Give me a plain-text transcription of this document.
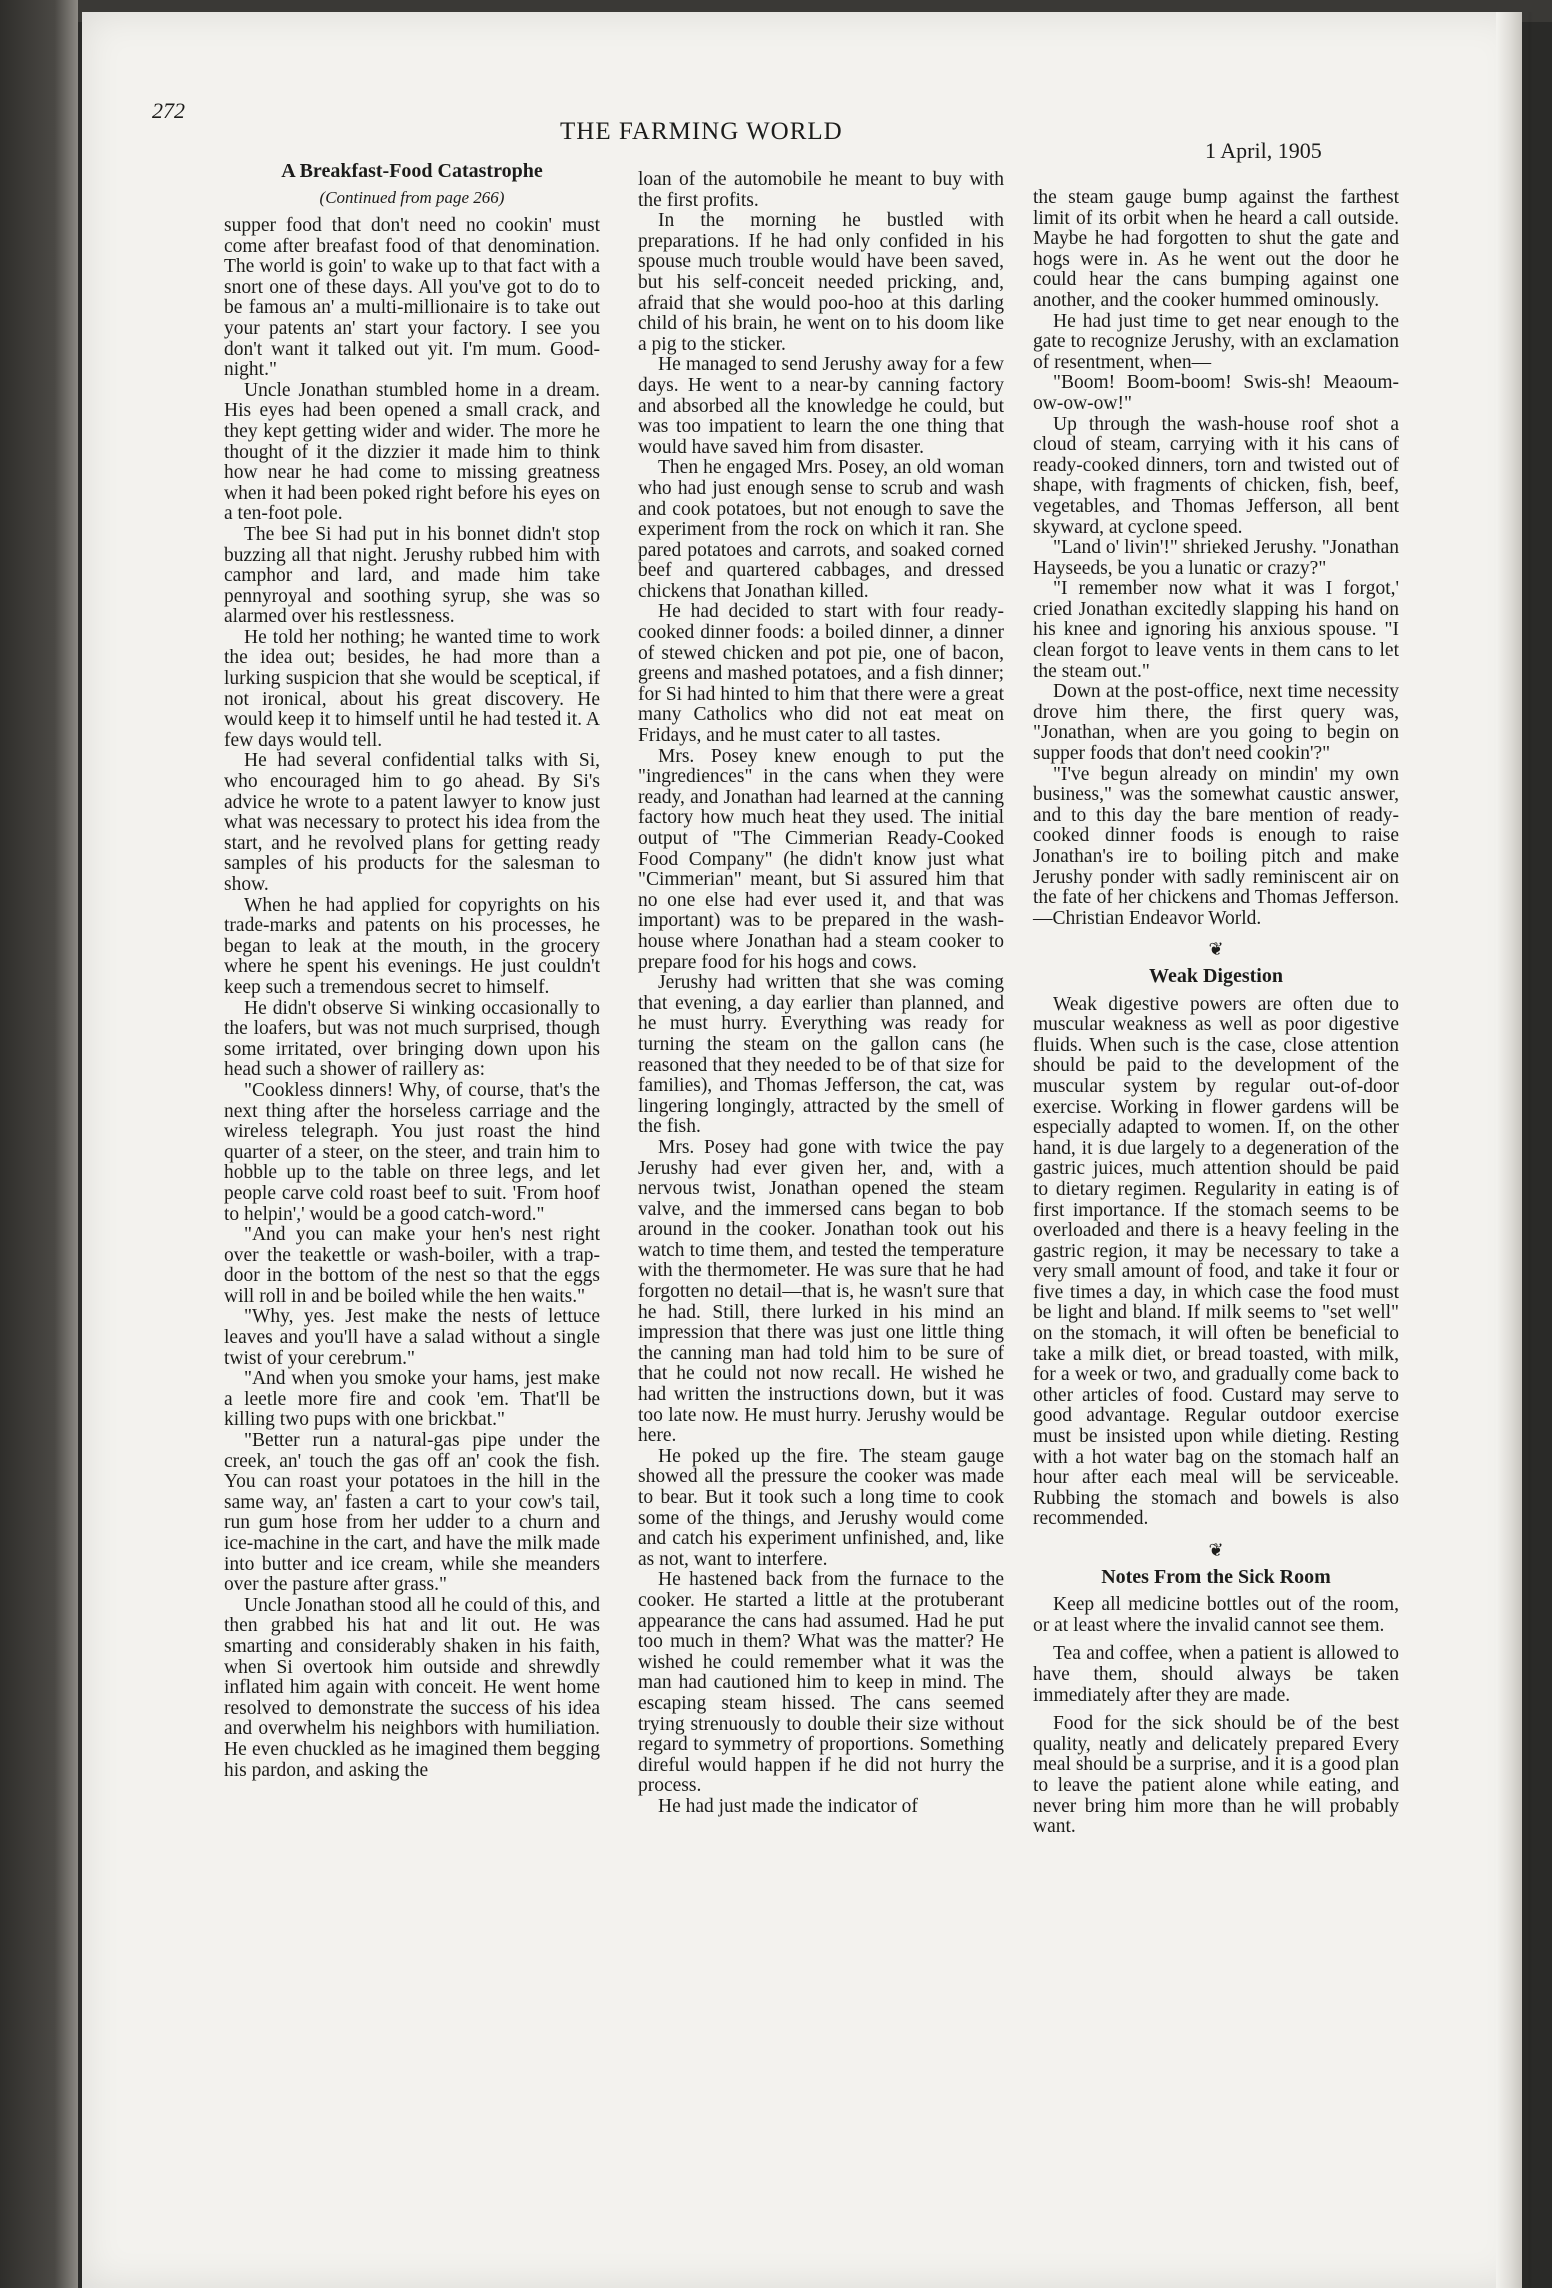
272
THE FARMING WORLD
1 April, 1905
A Breakfast-Food Catastrophe
(Continued from page 266)

supper food that don't need no cookin' must come after breafast food of that denomination. The world is goin' to wake up to that fact with a snort one of these days. All you've got to do to be famous an' a multi-millionaire is to take out your patents an' start your factory. I see you don't want it talked out yit. I'm mum. Good-night."

Uncle Jonathan stumbled home in a dream. His eyes had been opened a small crack, and they kept getting wider and wider. The more he thought of it the dizzier it made him to think how near he had come to missing greatness when it had been poked right before his eyes on a ten-foot pole.

The bee Si had put in his bonnet didn't stop buzzing all that night. Jerushy rubbed him with camphor and lard, and made him take pennyroyal and soothing syrup, she was so alarmed over his restlessness.

He told her nothing; he wanted time to work the idea out; besides, he had more than a lurking suspicion that she would be sceptical, if not ironical, about his great discovery. He would keep it to himself until he had tested it. A few days would tell.

He had several confidential talks with Si, who encouraged him to go ahead. By Si's advice he wrote to a patent lawyer to know just what was necessary to protect his idea from the start, and he revolved plans for getting ready samples of his products for the salesman to show.

When he had applied for copyrights on his trade-marks and patents on his processes, he began to leak at the mouth, in the grocery where he spent his evenings. He just couldn't keep such a tremendous secret to himself.

He didn't observe Si winking occasionally to the loafers, but was not much surprised, though some irritated, over bringing down upon his head such a shower of raillery as:

"Cookless dinners! Why, of course, that's the next thing after the horseless carriage and the wireless telegraph. You just roast the hind quarter of a steer, on the steer, and train him to hobble up to the table on three legs, and let people carve cold roast beef to suit. 'From hoof to helpin',' would be a good catch-word."

"And you can make your hen's nest right over the teakettle or wash-boiler, with a trap-door in the bottom of the nest so that the eggs will roll in and be boiled while the hen waits."

"Why, yes. Jest make the nests of lettuce leaves and you'll have a salad without a single twist of your cerebrum."

"And when you smoke your hams, jest make a leetle more fire and cook 'em. That'll be killing two pups with one brickbat."

"Better run a natural-gas pipe under the creek, an' touch the gas off an' cook the fish. You can roast your potatoes in the hill in the same way, an' fasten a cart to your cow's tail, run gum hose from her udder to a churn and ice-machine in the cart, and have the milk made into butter and ice cream, while she meanders over the pasture after grass."

Uncle Jonathan stood all he could of this, and then grabbed his hat and lit out. He was smarting and considerably shaken in his faith, when Si overtook him outside and shrewdly inflated him again with conceit. He went home resolved to demonstrate the success of his idea and overwhelm his neighbors with humiliation. He even chuckled as he imagined them begging his pardon, and asking the

loan of the automobile he meant to buy with the first profits.

In the morning he bustled with preparations. If he had only confided in his spouse much trouble would have been saved, but his self-conceit needed pricking, and, afraid that she would poo-hoo at this darling child of his brain, he went on to his doom like a pig to the sticker.

He managed to send Jerushy away for a few days. He went to a near-by canning factory and absorbed all the knowledge he could, but was too impatient to learn the one thing that would have saved him from disaster.

Then he engaged Mrs. Posey, an old woman who had just enough sense to scrub and wash and cook potatoes, but not enough to save the experiment from the rock on which it ran. She pared potatoes and carrots, and soaked corned beef and quartered cabbages, and dressed chickens that Jonathan killed.

He had decided to start with four ready-cooked dinner foods: a boiled dinner, a dinner of stewed chicken and pot pie, one of bacon, greens and mashed potatoes, and a fish dinner; for Si had hinted to him that there were a great many Catholics who did not eat meat on Fridays, and he must cater to all tastes.

Mrs. Posey knew enough to put the "ingrediences" in the cans when they were ready, and Jonathan had learned at the canning factory how much heat they used. The initial output of "The Cimmerian Ready-Cooked Food Company" (he didn't know just what "Cimmerian" meant, but Si assured him that no one else had ever used it, and that was important) was to be prepared in the wash-house where Jonathan had a steam cooker to prepare food for his hogs and cows.

Jerushy had written that she was coming that evening, a day earlier than planned, and he must hurry. Everything was ready for turning the steam on the gallon cans (he reasoned that they needed to be of that size for families), and Thomas Jefferson, the cat, was lingering longingly, attracted by the smell of the fish.

Mrs. Posey had gone with twice the pay Jerushy had ever given her, and, with a nervous twist, Jonathan opened the steam valve, and the immersed cans began to bob around in the cooker. Jonathan took out his watch to time them, and tested the temperature with the thermometer. He was sure that he had forgotten no detail—that is, he wasn't sure that he had. Still, there lurked in his mind an impression that there was just one little thing the canning man had told him to be sure of that he could not now recall. He wished he had written the instructions down, but it was too late now. He must hurry. Jerushy would be here.

He poked up the fire. The steam gauge showed all the pressure the cooker was made to bear. But it took such a long time to cook some of the things, and Jerushy would come and catch his experiment unfinished, and, like as not, want to interfere.

He hastened back from the furnace to the cooker. He started a little at the protuberant appearance the cans had assumed. Had he put too much in them? What was the matter? He wished he could remember what it was the man had cautioned him to keep in mind. The escaping steam hissed. The cans seemed trying strenuously to double their size without regard to symmetry of proportions. Something direful would happen if he did not hurry the process.

He had just made the indicator of

the steam gauge bump against the farthest limit of its orbit when he heard a call outside. Maybe he had forgotten to shut the gate and hogs were in. As he went out the door he could hear the cans bumping against one another, and the cooker hummed ominously.

He had just time to get near enough to the gate to recognize Jerushy, with an exclamation of resentment, when—

"Boom! Boom-boom! Swis-sh! Meaoum-ow-ow-ow!"

Up through the wash-house roof shot a cloud of steam, carrying with it his cans of ready-cooked dinners, torn and twisted out of shape, with fragments of chicken, fish, beef, vegetables, and Thomas Jefferson, all bent skyward, at cyclone speed.

"Land o' livin'!" shrieked Jerushy. "Jonathan Hayseeds, be you a lunatic or crazy?"

"I remember now what it was I forgot,' cried Jonathan excitedly slapping his hand on his knee and ignoring his anxious spouse. "I clean forgot to leave vents in them cans to let the steam out."

Down at the post-office, next time necessity drove him there, the first query was, "Jonathan, when are you going to begin on supper foods that don't need cookin'?"

"I've begun already on mindin' my own business," was the somewhat caustic answer, and to this day the bare mention of ready-cooked dinner foods is enough to raise Jonathan's ire to boiling pitch and make Jerushy ponder with sadly reminiscent air on the fate of her chickens and Thomas Jefferson.—Christian Endeavor World.

❦
Weak Digestion

Weak digestive powers are often due to muscular weakness as well as poor digestive fluids. When such is the case, close attention should be paid to the development of the muscular system by regular out-of-door exercise. Working in flower gardens will be especially adapted to women. If, on the other hand, it is due largely to a degeneration of the gastric juices, much attention should be paid to dietary regimen. Regularity in eating is of first importance. If the stomach seems to be overloaded and there is a heavy feeling in the gastric region, it may be necessary to take a very small amount of food, and take it four or five times a day, in which case the food must be light and bland. If milk seems to "set well" on the stomach, it will often be beneficial to take a milk diet, or bread toasted, with milk, for a week or two, and gradually come back to other articles of food. Custard may serve to good advantage. Regular outdoor exercise must be insisted upon while dieting. Resting with a hot water bag on the stomach half an hour after each meal will be serviceable. Rubbing the stomach and bowels is also recommended.

❦
Notes From the Sick Room

Keep all medicine bottles out of the room, or at least where the invalid cannot see them.

Tea and coffee, when a patient is allowed to have them, should always be taken immediately after they are made.

Food for the sick should be of the best quality, neatly and delicately prepared Every meal should be a surprise, and it is a good plan to leave the patient alone while eating, and never bring him more than he will probably want.
